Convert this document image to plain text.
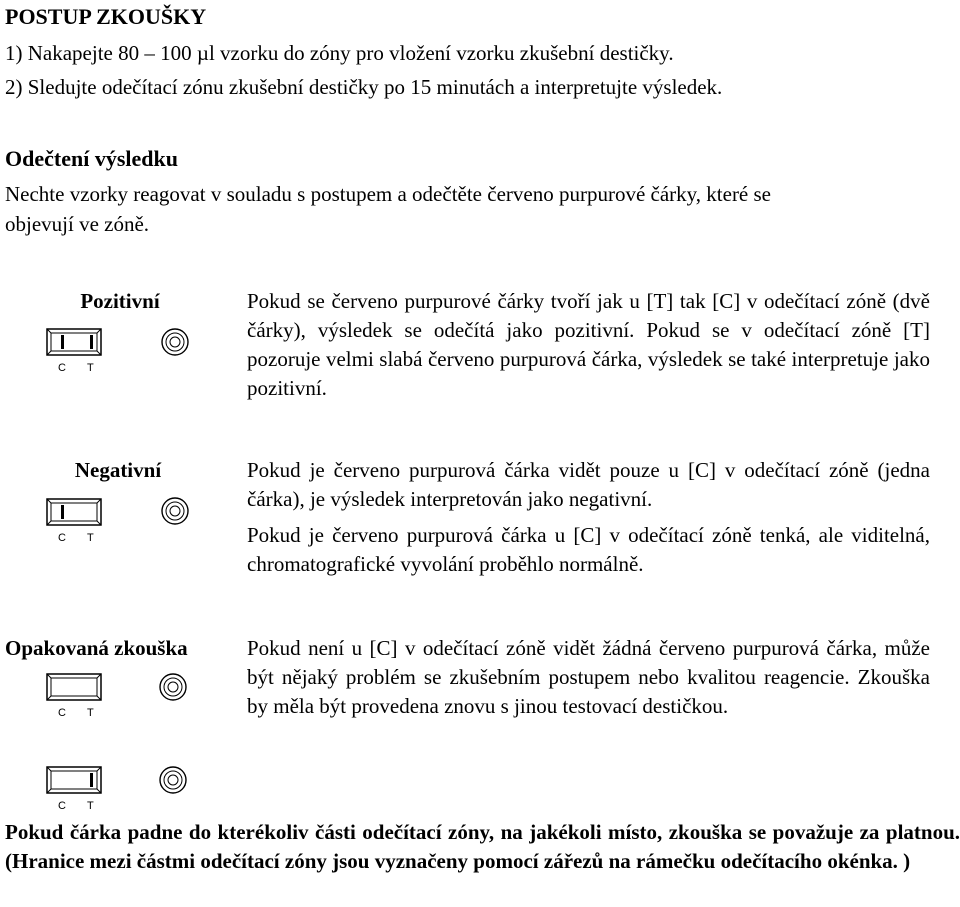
POSTUP ZKOUŠKY
1) Nakapejte 80 – 100 µl vzorku do zóny pro vložení vzorku zkušební destičky.
2) Sledujte odečítací zónu zkušební destičky po 15 minutách a interpretujte výsledek.
Odečtení výsledku
Nechte vzorky reagovat v souladu s postupem a odečtěte červeno purpurové čárky, které se
objevují ve zóně.
Pozitivní
C T
Pokud se červeno purpurové čárky tvoří jak u [T] tak [C] v odečítací zóně (dvě čárky), výsledek se odečítá jako pozitivní. Pokud se v odečítací zóně [T] pozoruje velmi slabá červeno purpurová čárka, výsledek se také interpretuje jako pozitivní.
Negativní
C T
Pokud je červeno purpurová čárka vidět pouze u [C] v odečítací zóně (jedna čárka), je výsledek interpretován jako negativní.
Pokud je červeno purpurová čárka u [C] v odečítací zóně tenká, ale viditelná, chromatografické vyvolání proběhlo normálně.
Opakovaná zkouška
C T
C T
Pokud není u [C] v odečítací zóně vidět žádná červeno purpurová čárka, může být nějaký problém se zkušebním postupem nebo kvalitou reagencie. Zkouška by měla být provedena znovu s jinou testovací destičkou.
Pokud čárka padne do kterékoliv části odečítací zóny, na jakékoli místo, zkouška se považuje za platnou. (Hranice mezi částmi odečítací zóny jsou vyznačeny pomocí zářezů na rámečku odečítacího okénka. )
